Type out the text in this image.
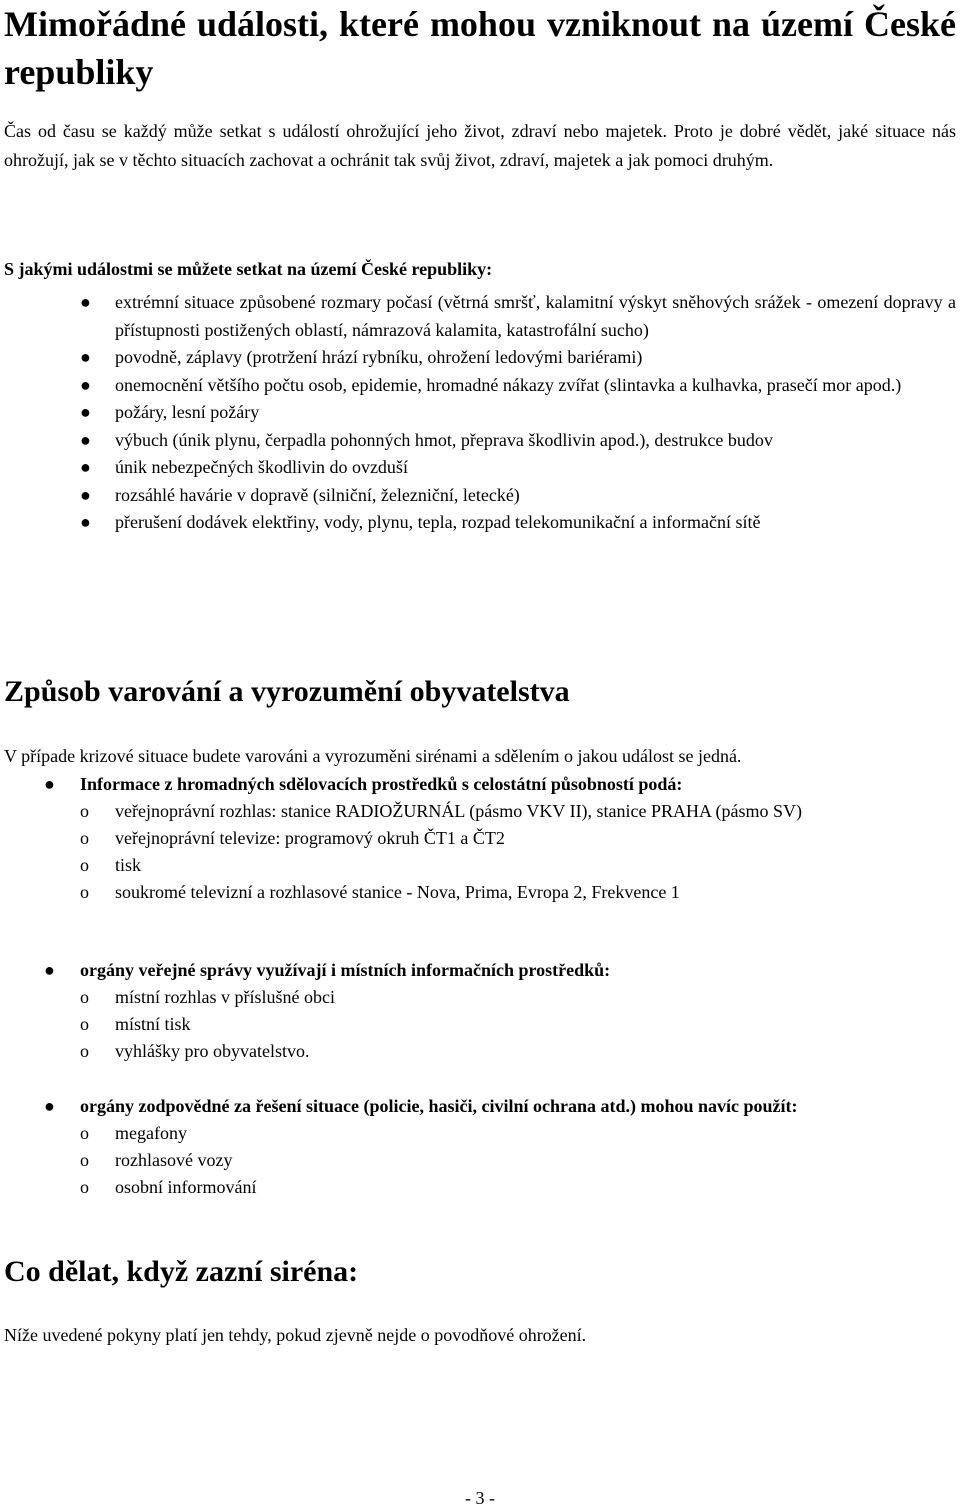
Mimořádné události, které mohou vzniknout na území České republiky

Čas od času se každý může setkat s událostí ohrožující jeho život, zdraví nebo majetek. Proto je dobré vědět, jaké situace nás ohrožují, jak se v těchto situacích zachovat a ochránit tak svůj život, zdraví, majetek a jak pomoci druhým.

S jakými událostmi se můžete setkat na území České republiky:

● extrémní situace způsobené rozmary počasí (větrná smršť, kalamitní výskyt sněhových srážek - omezení dopravy a přístupnosti postižených oblastí, námrazová kalamita, katastrofální sucho)
● povodně, záplavy (protržení hrází rybníku, ohrožení ledovými bariérami)
● onemocnění většího počtu osob, epidemie, hromadné nákazy zvířat (slintavka a kulhavka, prasečí mor apod.)
● požáry, lesní požáry
● výbuch (únik plynu, čerpadla pohonných hmot, přeprava škodlivin apod.), destrukce budov
● únik nebezpečných škodlivin do ovzduší
● rozsáhlé havárie v dopravě (silniční, železniční, letecké)
● přerušení dodávek elektřiny, vody, plynu, tepla, rozpad telekomunikační a informační sítě
Způsob varování a vyrozumění obyvatelstva

V případe krizové situace budete varováni a vyrozuměni sirénami a sdělením o jakou událost se jedná.

● Informace z hromadných sdělovacích prostředků s celostátní působností podá:
o veřejnoprávní rozhlas: stanice RADIOŽURNÁL (pásmo VKV II), stanice PRAHA (pásmo SV)
o veřejnoprávní televize: programový okruh ČT1 a ČT2
o tisk
o soukromé televizní a rozhlasové stanice - Nova, Prima, Evropa 2, Frekvence 1
● orgány veřejné správy využívají i místních informačních prostředků:
o místní rozhlas v příslušné obci
o místní tisk
o vyhlášky pro obyvatelstvo.
● orgány zodpovědné za řešení situace (policie, hasiči, civilní ochrana atd.) mohou navíc použít:
o megafony
o rozhlasové vozy
o osobní informování
Co dělat, když zazní siréna:

Níže uvedené pokyny platí jen tehdy, pokud zjevně nejde o povodňové ohrožení.

- 3 -
